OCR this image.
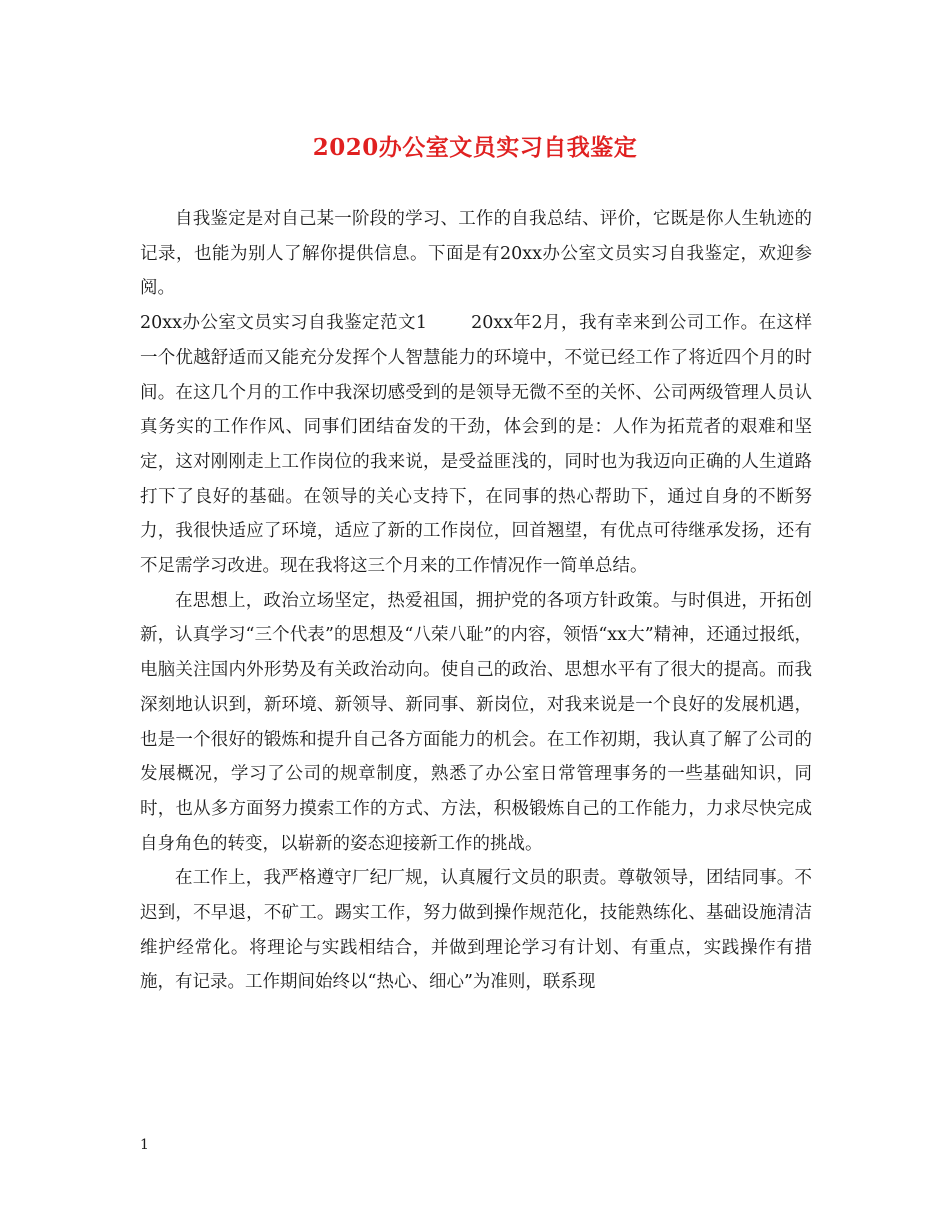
2020办公室文员实习自我鉴定

自我鉴定是对自己某一阶段的学习、工作的自我总结、评价，它既是你人生轨迹的记录，也能为别人了解你提供信息。下面是有20xx办公室文员实习自我鉴定，欢迎参阅。

20xx办公室文员实习自我鉴定范文1	20xx年2月，我有幸来到公司工作。在这样一个优越舒适而又能充分发挥个人智慧能力的环境中，不觉已经工作了将近四个月的时间。在这几个月的工作中我深切感受到的是领导无微不至的关怀、公司两级管理人员认真务实的工作作风、同事们团结奋发的干劲，体会到的是：人作为拓荒者的艰难和坚定，这对刚刚走上工作岗位的我来说，是受益匪浅的，同时也为我迈向正确的人生道路打下了良好的基础。在领导的关心支持下，在同事的热心帮助下，通过自身的不断努力，我很快适应了环境，适应了新的工作岗位，回首翘望，有优点可待继承发扬，还有不足需学习改进。现在我将这三个月来的工作情况作一简单总结。

在思想上，政治立场坚定，热爱祖国，拥护党的各项方针政策。与时俱进，开拓创新，认真学习“三个代表”的思想及“八荣八耻”的内容，领悟“xx大”精神，还通过报纸，电脑关注国内外形势及有关政治动向。使自己的政治、思想水平有了很大的提高。而我深刻地认识到，新环境、新领导、新同事、新岗位，对我来说是一个良好的发展机遇，也是一个很好的锻炼和提升自己各方面能力的机会。在工作初期，我认真了解了公司的发展概况，学习了公司的规章制度，熟悉了办公室日常管理事务的一些基础知识，同时，也从多方面努力摸索工作的方式、方法，积极锻炼自己的工作能力，力求尽快完成自身角色的转变，以崭新的姿态迎接新工作的挑战。

在工作上，我严格遵守厂纪厂规，认真履行文员的职责。尊敬领导，团结同事。不迟到，不早退，不矿工。踢实工作，努力做到操作规范化，技能熟练化、基础设施清洁维护经常化。将理论与实践相结合，并做到理论学习有计划、有重点，实践操作有措施，有记录。工作期间始终以“热心、细心”为准则，联系现

1
